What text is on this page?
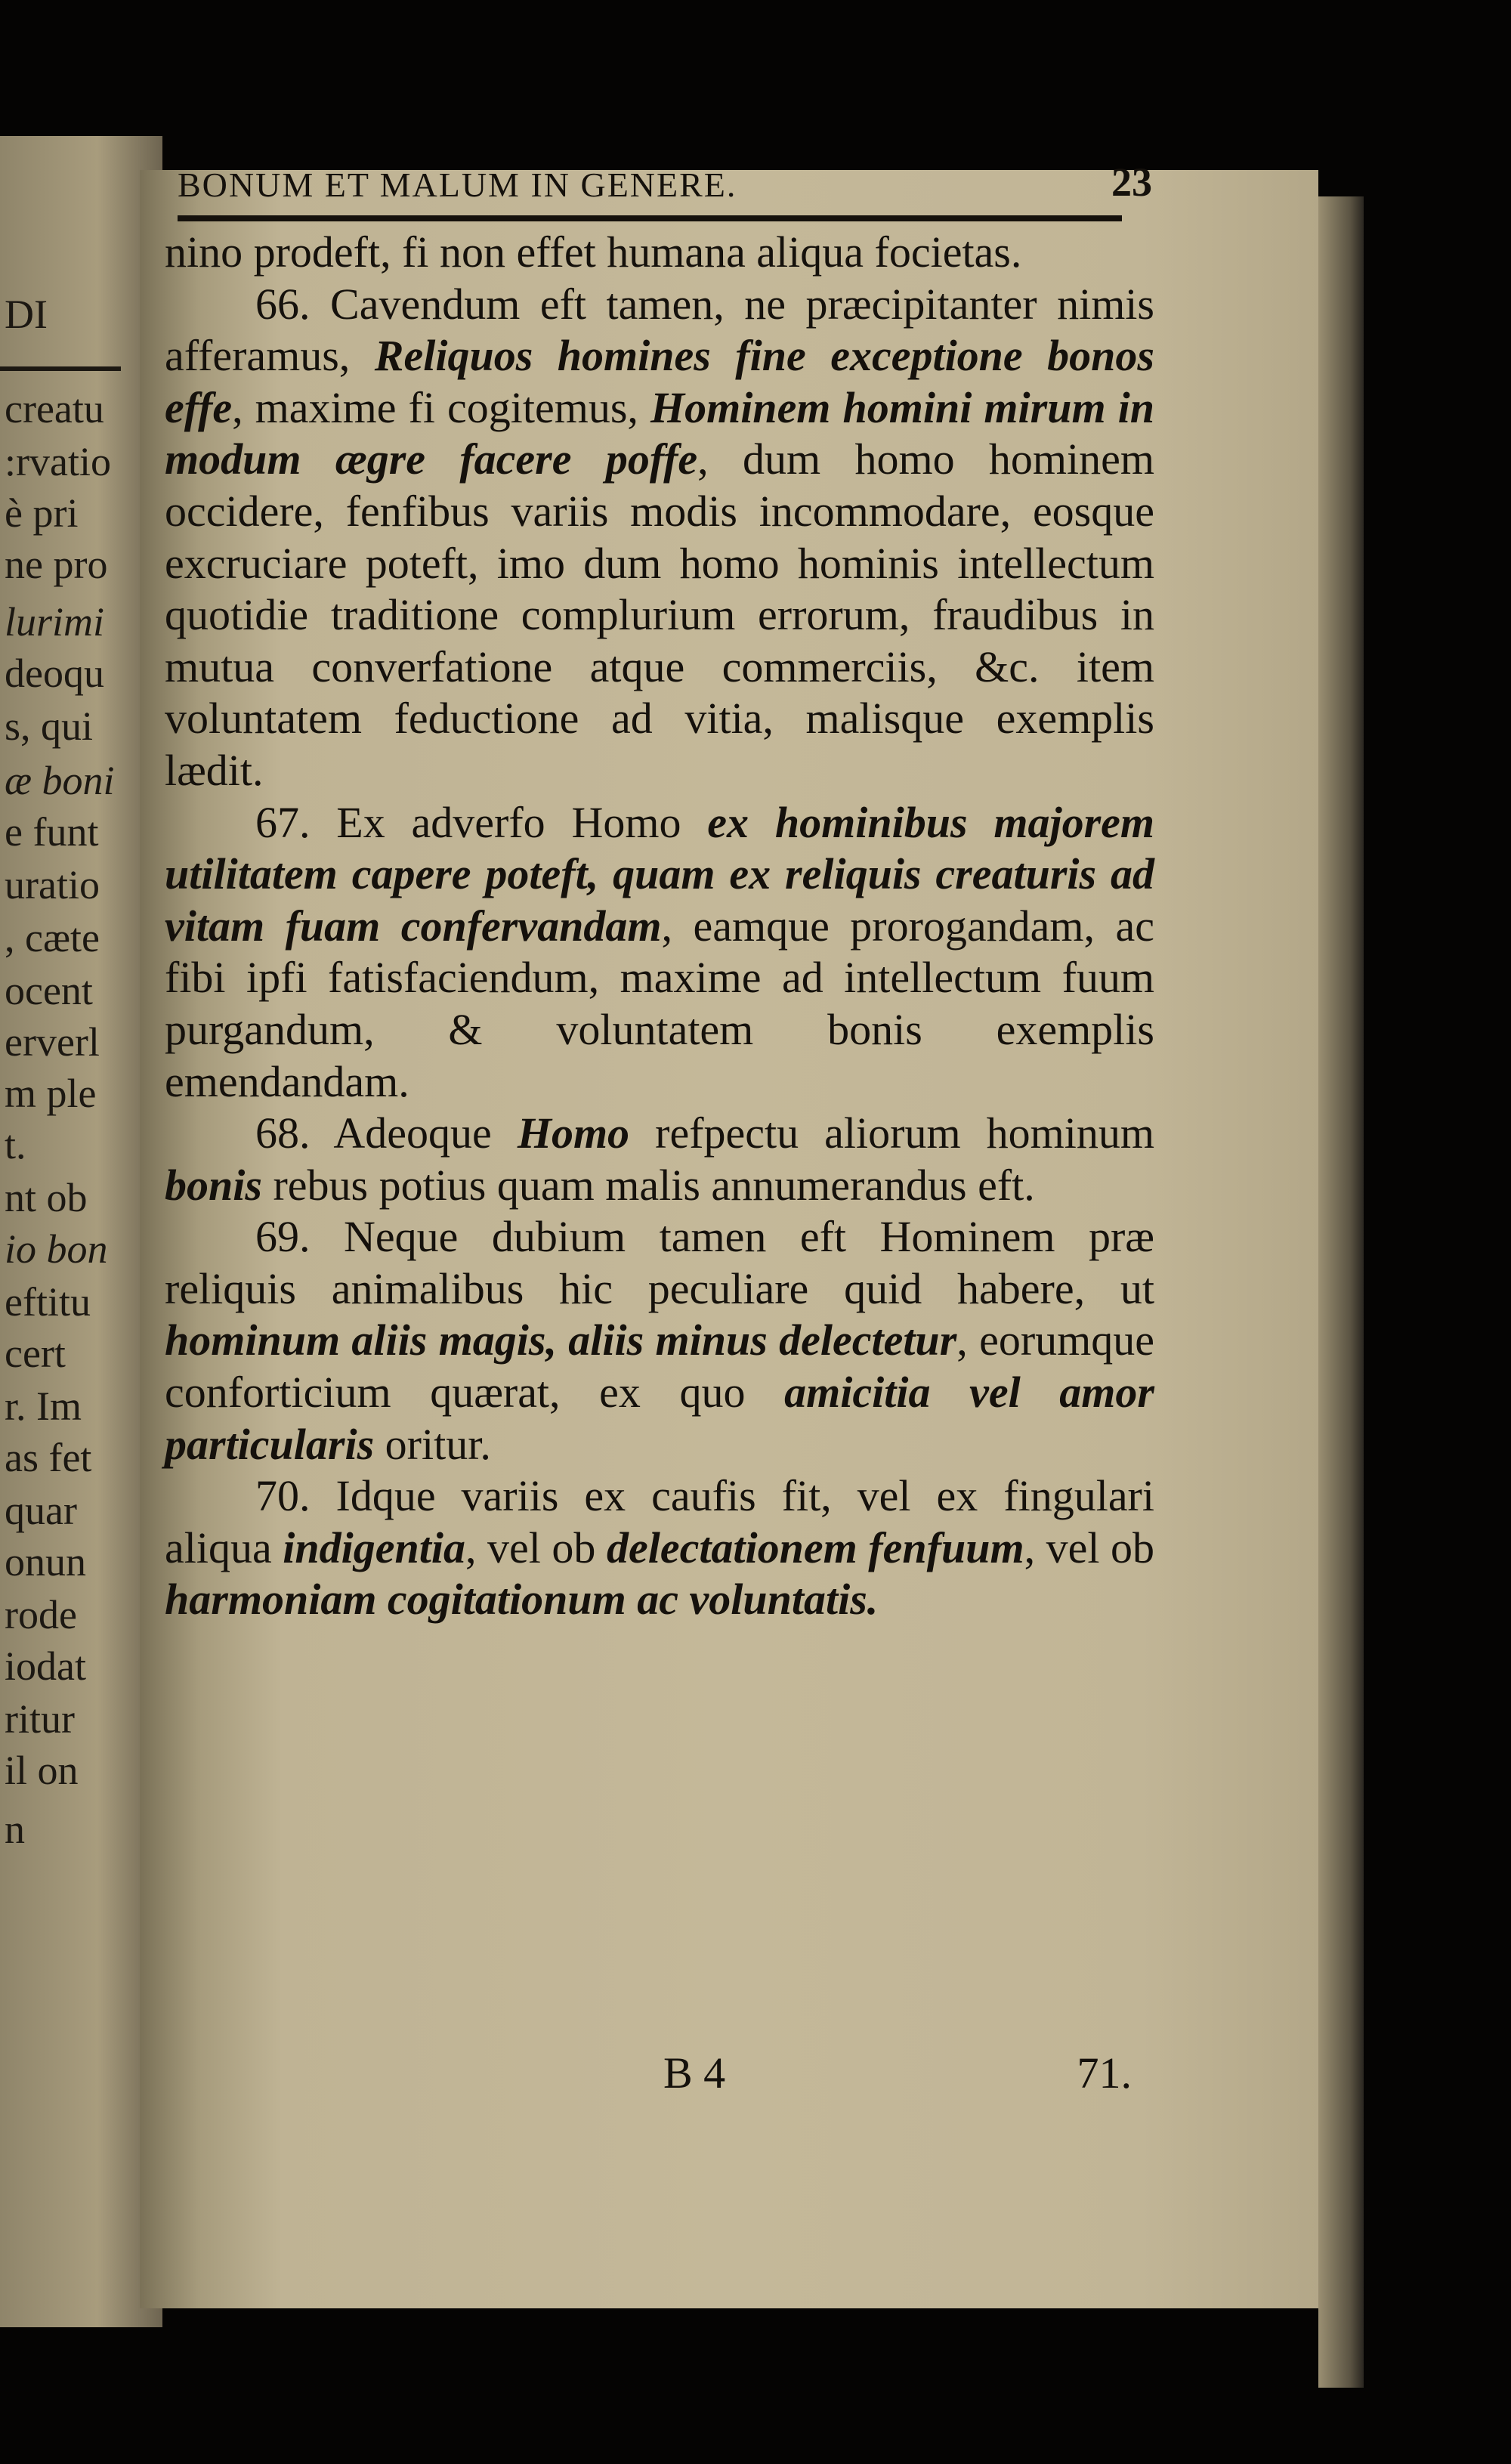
DI
creatu
:rvatio
è pri
ne pro
lurimi
deoqu
s, qui
æ boni
e funt
uratio
, cæte
ocent
erverl
m ple
t.
nt ob
io bon
eftitu
cert
r. Im
as fet
quar
onun
rode
iodat
ritur
il on
n
BONUM ET MALUM IN GENERE.	23

nino prodeft, fi non effet humana aliqua focietas.

66. Cavendum eft tamen, ne præcipitanter nimis afferamus, Reliquos homines fine exceptione bonos effe, maxime fi cogitemus, Hominem homini mirum in modum ægre facere poffe, dum homo hominem occidere, fenfibus variis modis incommodare, eosque excruciare poteft, imo dum homo hominis intellectum quotidie traditione complurium errorum, fraudibus in mutua converfatione atque commerciis, &c. item voluntatem feductione ad vitia, malisque exemplis lædit.

67. Ex adverfo Homo ex hominibus majorem utilitatem capere poteft, quam ex reliquis creaturis ad vitam fuam confervandam, eamque prorogandam, ac fibi ipfi fatisfaciendum, maxime ad intellectum fuum purgandum, & voluntatem bonis exemplis emendandam.

68. Adeoque Homo refpectu aliorum hominum bonis rebus potius quam malis annumerandus eft.

69. Neque dubium tamen eft Hominem præ reliquis animalibus hic peculiare quid habere, ut hominum aliis magis, aliis minus delectetur, eorumque conforticium quærat, ex quo amicitia vel amor particularis oritur.

70. Idque variis ex caufis fit, vel ex fingulari aliqua indigentia, vel ob delectationem fenfuum, vel ob harmoniam cogitationum ac voluntatis.

B 4	71.
